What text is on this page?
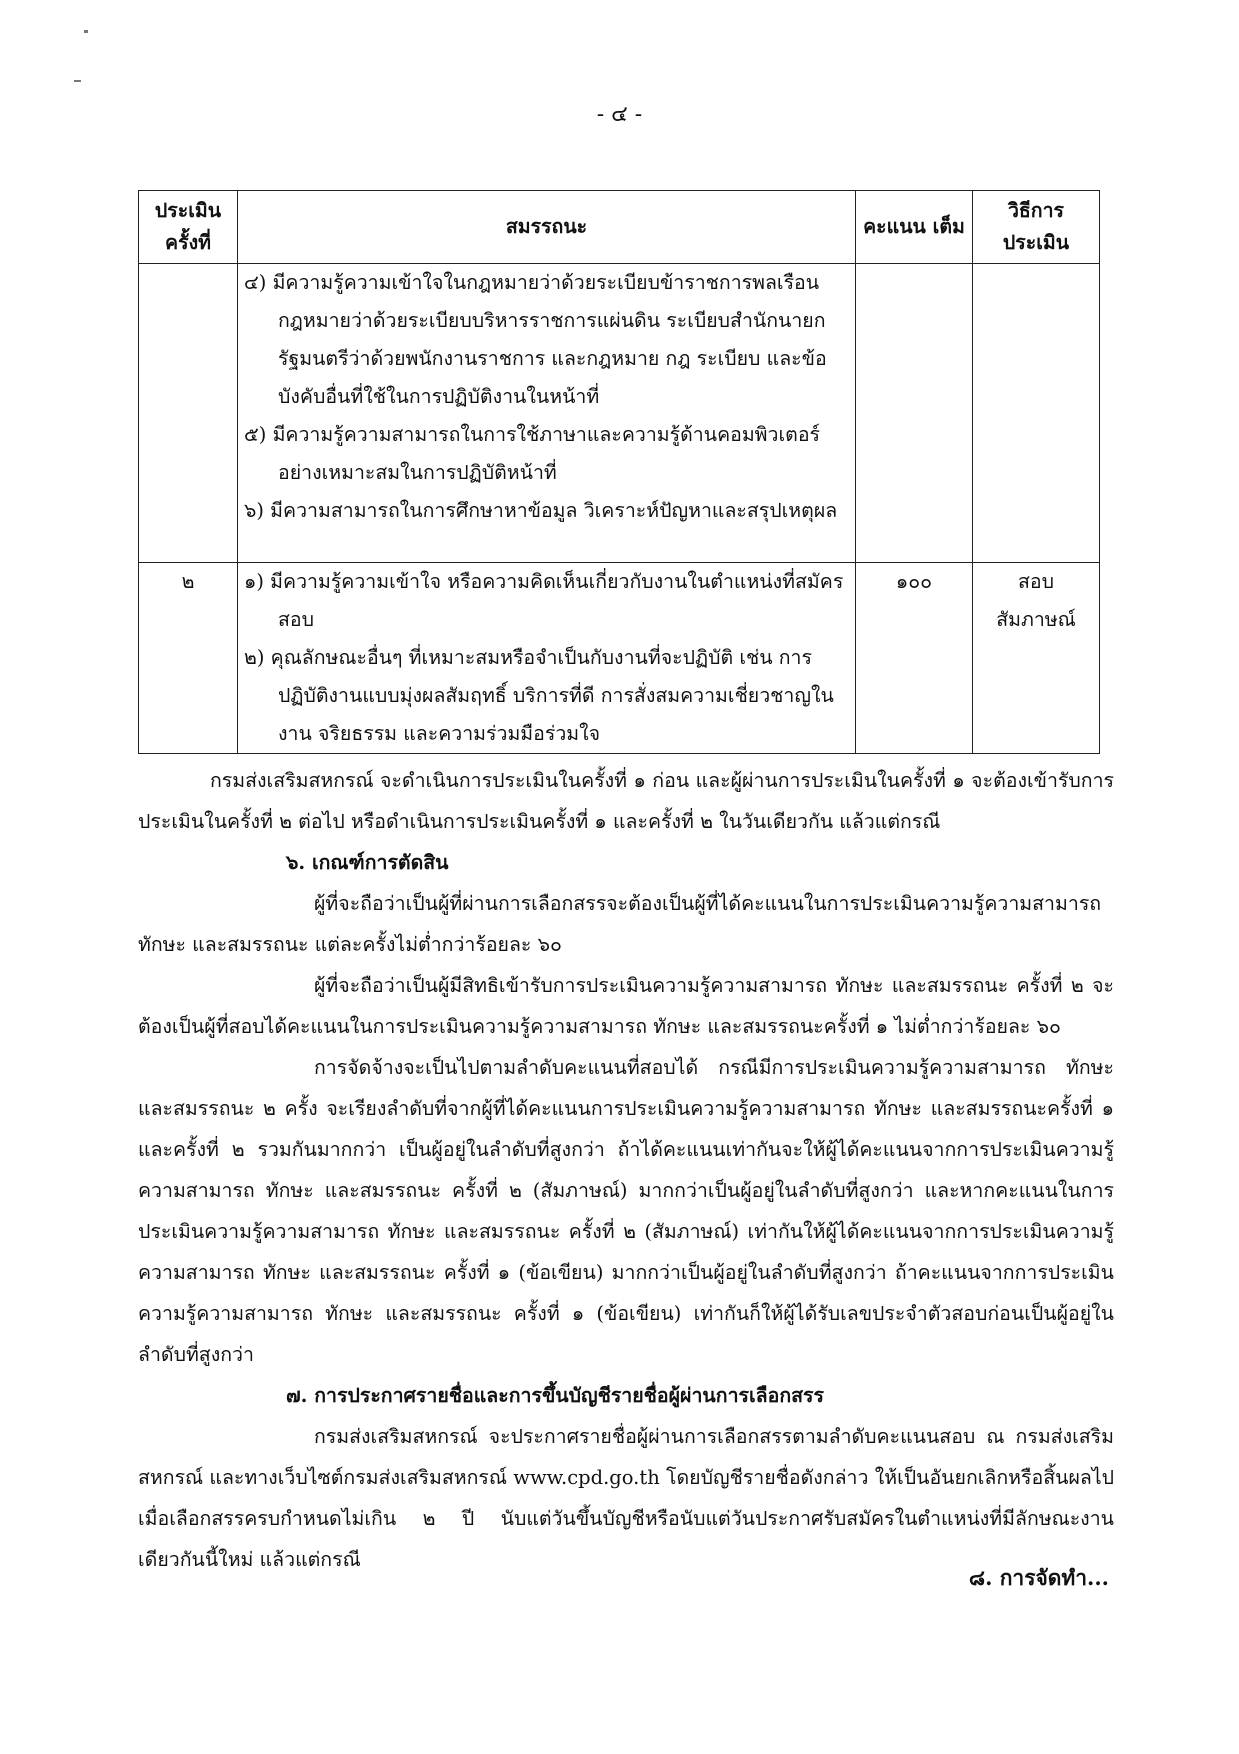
- ๔ -
ประเมิน ครั้งที่	สมรรถนะ	คะแนน เต็ม	วิธีการ ประเมิน

	๔) มีความรู้ความเข้าใจในกฎหมายว่าด้วยระเบียบข้าราชการพลเรือน กฎหมายว่าด้วยระเบียบบริหารราชการแผ่นดิน ระเบียบสำนักนายกรัฐมนตรีว่าด้วยพนักงานราชการ และกฎหมาย กฎ ระเบียบ และข้อบังคับอื่นที่ใช้ในการปฏิบัติงานในหน้าที่
๕) มีความรู้ความสามารถในการใช้ภาษาและความรู้ด้านคอมพิวเตอร์อย่างเหมาะสมในการปฏิบัติหน้าที่
๖) มีความสามารถในการศึกษาหาข้อมูล วิเคราะห์ปัญหาและสรุปเหตุผล		

๒	๑) มีความรู้ความเข้าใจ หรือความคิดเห็นเกี่ยวกับงานในตำแหน่งที่สมัครสอบ
๒) คุณลักษณะอื่นๆ ที่เหมาะสมหรือจำเป็นกับงานที่จะปฏิบัติ เช่น การปฏิบัติงานแบบมุ่งผลสัมฤทธิ์ บริการที่ดี การสั่งสมความเชี่ยวชาญในงาน จริยธรรม และความร่วมมือร่วมใจ	๑๐๐	สอบ สัมภาษณ์

กรมส่งเสริมสหกรณ์ จะดำเนินการประเมินในครั้งที่ ๑ ก่อน และผู้ผ่านการประเมินในครั้งที่ ๑ จะต้องเข้ารับการประเมินในครั้งที่ ๒ ต่อไป หรือดำเนินการประเมินครั้งที่ ๑ และครั้งที่ ๒ ในวันเดียวกัน แล้วแต่กรณี

๖. เกณฑ์การตัดสิน

ผู้ที่จะถือว่าเป็นผู้ที่ผ่านการเลือกสรรจะต้องเป็นผู้ที่ได้คะแนนในการประเมินความรู้ความสามารถ ทักษะ และสมรรถนะ แต่ละครั้งไม่ต่ำกว่าร้อยละ ๖๐

ผู้ที่จะถือว่าเป็นผู้มีสิทธิเข้ารับการประเมินความรู้ความสามารถ ทักษะ และสมรรถนะ ครั้งที่ ๒ จะต้องเป็นผู้ที่สอบได้คะแนนในการประเมินความรู้ความสามารถ ทักษะ และสมรรถนะครั้งที่ ๑ ไม่ต่ำกว่าร้อยละ ๖๐

การจัดจ้างจะเป็นไปตามลำดับคะแนนที่สอบได้ กรณีมีการประเมินความรู้ความสามารถ ทักษะ และสมรรถนะ ๒ ครั้ง จะเรียงลำดับที่จากผู้ที่ได้คะแนนการประเมินความรู้ความสามารถ ทักษะ และสมรรถนะครั้งที่ ๑ และครั้งที่ ๒ รวมกันมากกว่า เป็นผู้อยู่ในลำดับที่สูงกว่า ถ้าได้คะแนนเท่ากันจะให้ผู้ได้คะแนนจากการประเมินความรู้ความสามารถ ทักษะ และสมรรถนะ ครั้งที่ ๒ (สัมภาษณ์) มากกว่าเป็นผู้อยู่ในลำดับที่สูงกว่า และหากคะแนนในการประเมินความรู้ความสามารถ ทักษะ และสมรรถนะ ครั้งที่ ๒ (สัมภาษณ์) เท่ากันให้ผู้ได้คะแนนจากการประเมินความรู้ความสามารถ ทักษะ และสมรรถนะ ครั้งที่ ๑ (ข้อเขียน) มากกว่าเป็นผู้อยู่ในลำดับที่สูงกว่า ถ้าคะแนนจากการประเมินความรู้ความสามารถ ทักษะ และสมรรถนะ ครั้งที่ ๑ (ข้อเขียน) เท่ากันก็ให้ผู้ได้รับเลขประจำตัวสอบก่อนเป็นผู้อยู่ในลำดับที่สูงกว่า

๗. การประกาศรายชื่อและการขึ้นบัญชีรายชื่อผู้ผ่านการเลือกสรร

กรมส่งเสริมสหกรณ์ จะประกาศรายชื่อผู้ผ่านการเลือกสรรตามลำดับคะแนนสอบ ณ กรมส่งเสริมสหกรณ์ และทางเว็บไซต์กรมส่งเสริมสหกรณ์ www.cpd.go.th โดยบัญชีรายชื่อดังกล่าว ให้เป็นอันยกเลิกหรือสิ้นผลไปเมื่อเลือกสรรครบกำหนดไม่เกิน ๒ ปี นับแต่วันขึ้นบัญชีหรือนับแต่วันประกาศรับสมัครในตำแหน่งที่มีลักษณะงานเดียวกันนี้ใหม่ แล้วแต่กรณี

๘. การจัดทำ...
